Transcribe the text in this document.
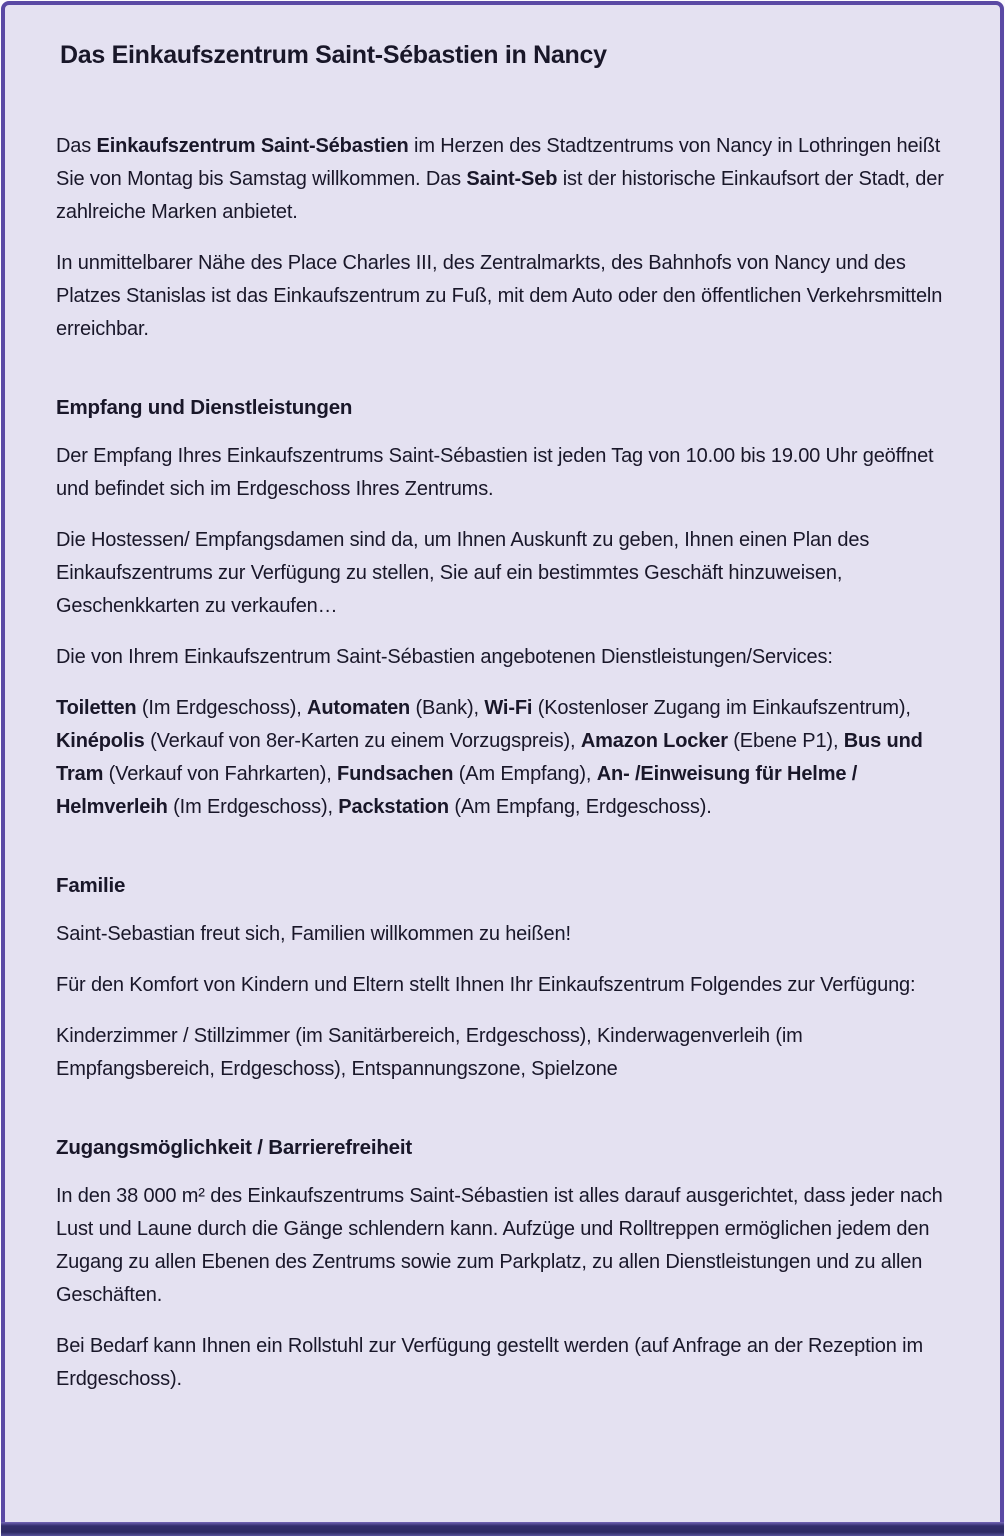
Das Einkaufszentrum Saint-Sébastien in Nancy

Das Einkaufszentrum Saint-Sébastien im Herzen des Stadtzentrums von Nancy in Lothringen heißt Sie von Montag bis Samstag willkommen. Das Saint-Seb ist der historische Einkaufsort der Stadt, der zahlreiche Marken anbietet.

In unmittelbarer Nähe des Place Charles III, des Zentralmarkts, des Bahnhofs von Nancy und des Platzes Stanislas ist das Einkaufszentrum zu Fuß, mit dem Auto oder den öffentlichen Verkehrsmitteln erreichbar.

Empfang und Dienstleistungen

Der Empfang Ihres Einkaufszentrums Saint-Sébastien ist jeden Tag von 10.00 bis 19.00 Uhr geöffnet und befindet sich im Erdgeschoss Ihres Zentrums.

Die Hostessen/ Empfangsdamen sind da, um Ihnen Auskunft zu geben, Ihnen einen Plan des Einkaufszentrums zur Verfügung zu stellen, Sie auf ein bestimmtes Geschäft hinzuweisen, Geschenkkarten zu verkaufen…

Die von Ihrem Einkaufszentrum Saint-Sébastien angebotenen Dienstleistungen/Services:

Toiletten (Im Erdgeschoss), Automaten (Bank), Wi-Fi (Kostenloser Zugang im Einkaufszentrum), Kinépolis (Verkauf von 8er-Karten zu einem Vorzugspreis), Amazon Locker (Ebene P1), Bus und Tram (Verkauf von Fahrkarten), Fundsachen (Am Empfang), An- /Einweisung für Helme / Helmverleih (Im Erdgeschoss), Packstation (Am Empfang, Erdgeschoss).

Familie

Saint-Sebastian freut sich, Familien willkommen zu heißen!

Für den Komfort von Kindern und Eltern stellt Ihnen Ihr Einkaufszentrum Folgendes zur Verfügung:

Kinderzimmer / Stillzimmer (im Sanitärbereich, Erdgeschoss), Kinderwagenverleih (im Empfangsbereich, Erdgeschoss), Entspannungszone, Spielzone

Zugangsmöglichkeit / Barrierefreiheit

In den 38 000 m² des Einkaufszentrums Saint-Sébastien ist alles darauf ausgerichtet, dass jeder nach Lust und Laune durch die Gänge schlendern kann. Aufzüge und Rolltreppen ermöglichen jedem den Zugang zu allen Ebenen des Zentrums sowie zum Parkplatz, zu allen Dienstleistungen und zu allen Geschäften.

Bei Bedarf kann Ihnen ein Rollstuhl zur Verfügung gestellt werden (auf Anfrage an der Rezeption im Erdgeschoss).
